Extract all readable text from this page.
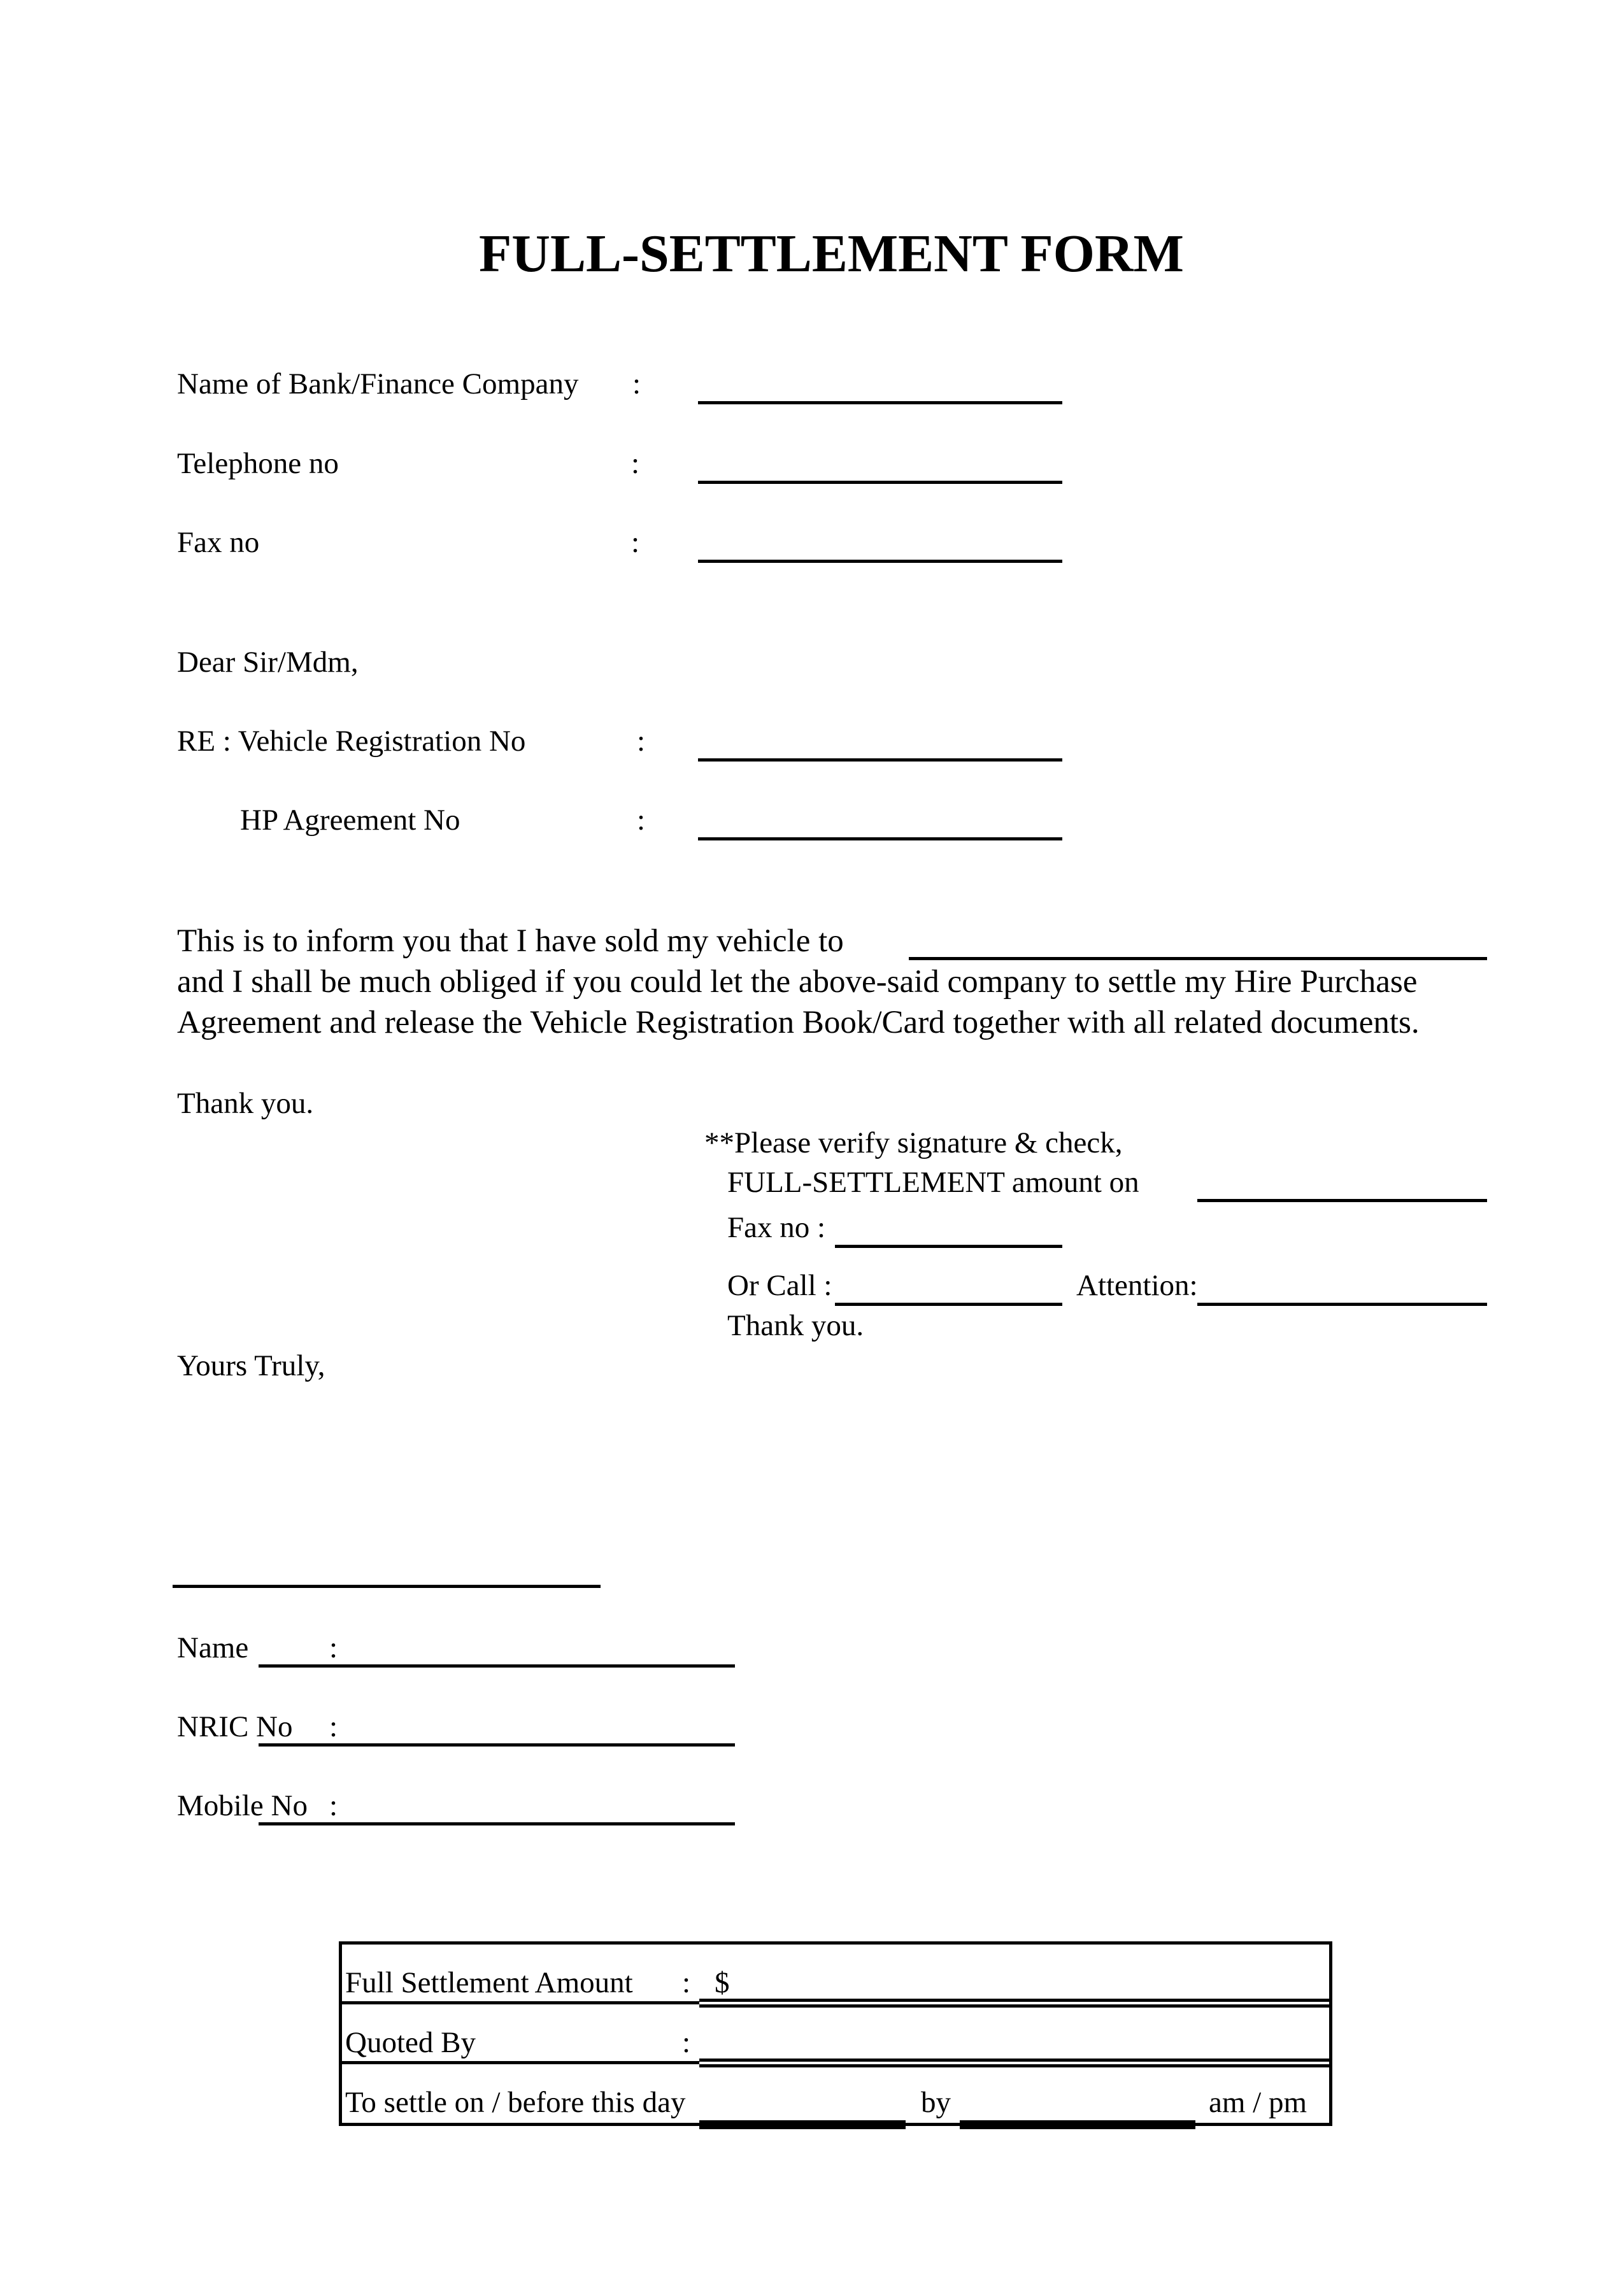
FULL-SETTLEMENT FORM
Name of Bank/Finance Company :
Telephone no	:
Fax no	:
Dear Sir/Mdm,
RE : Vehicle Registration No	:
HP Agreement No	:
This is to inform you that I have sold my vehicle to
and I shall be much obliged if you could let the above-said company to settle my Hire Purchase
Agreement and release the Vehicle Registration Book/Card together with all related documents.
Thank you.
**Please verify signature & check,
FULL-SETTLEMENT amount on
Fax no :
Or Call :	Attention:
Thank you.
Yours Truly,
Name	:
NRIC No :
Mobile No :
Full Settlement Amount : $
Quoted By	:
To settle on / before this day	by	am / pm
